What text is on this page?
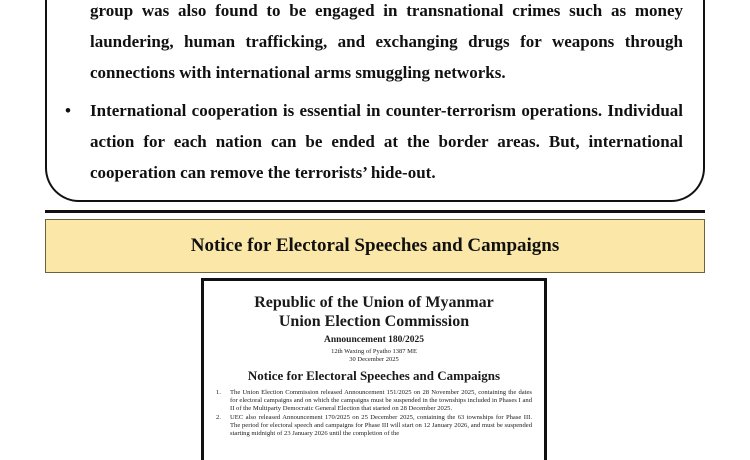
group was also found to be engaged in transnational crimes such as money laundering, human trafficking, and exchanging drugs for weapons through connections with international arms smuggling networks.
• International cooperation is essential in counter-terrorism operations. Individual action for each nation can be ended at the border areas. But, international cooperation can remove the terrorists’ hide-out.
Notice for Electoral Speeches and Campaigns
Republic of the Union of Myanmar
Union Election Commission
Announcement 180/2025
12th Waxing of Pyatho 1387 ME
30 December 2025
Notice for Electoral Speeches and Campaigns
1. The Union Election Commission released Announcement 151/2025 on 28 November 2025, containing the dates for electoral campaigns and on which the campaigns must be suspended in the townships included in Phases I and II of the Multiparty Democratic General Election that started on 28 December 2025.
2. UEC also released Announcement 170/2025 on 25 December 2025, containing the 63 townships for Phase III. The period for electoral speech and campaigns for Phase III will start on 12 January 2026, and must be suspended starting midnight of 23 January 2026 until the completion of the
